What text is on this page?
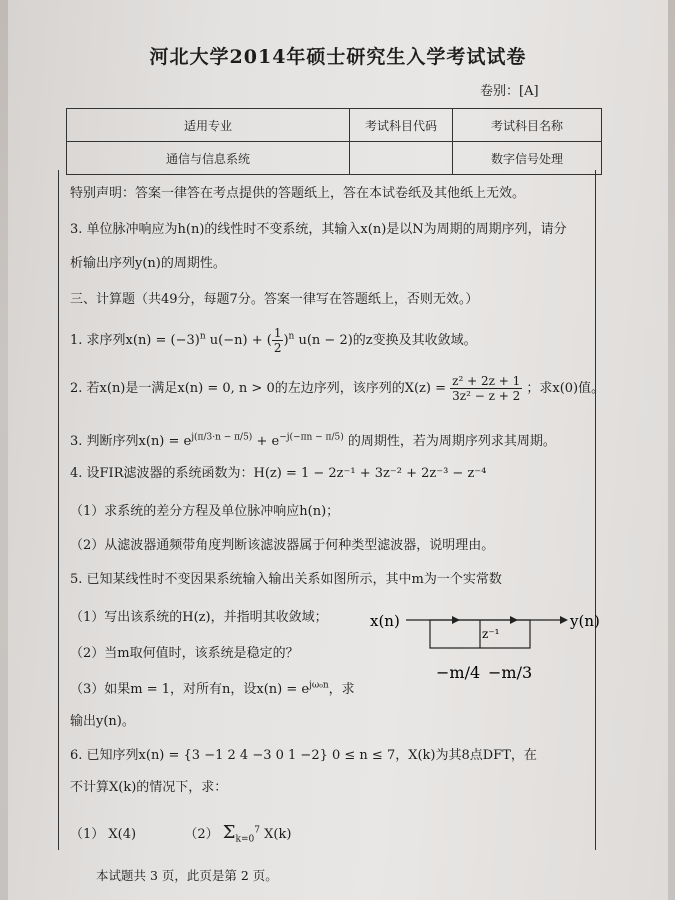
河北大学2014年硕士研究生入学考试试卷
卷别：[A]
适用专业	考试科目代码	考试科目名称
通信与信息系统		数字信号处理
特别声明：答案一律答在考点提供的答题纸上，答在本试卷纸及其他纸上无效。
3. 单位脉冲响应为h(n)的线性时不变系统，其输入x(n)是以N为周期的周期序列，请分
析输出序列y(n)的周期性。
三、计算题（共49分，每题7分。答案一律写在答题纸上，否则无效。）
1. 求序列$x(n) = (-3)^n$ u(−n) + ( $\frac{1}{2} )^n$ u(n − 2)的z变换及其收敛域。
2. 若x(n)是一满足x(n) = 0, n > 0的左边序列，该序列的$X(z) = \frac{\text{z² + 2z + 1}}{\text{3z² − z + 2}}$ ；求x(0)值。
3. 判断序列$x(n) = e^{j(\pi/3\cdot n - \pi/5)} + e^{-j(-\pi n - \pi/5)}$ 的周期性，若为周期序列求其周期。
4. 设FIR滤波器的系统函数为：H(z) = 1 − 2z⁻¹ + 3z⁻² + 2z⁻³ − z⁻⁴
（1）求系统的差分方程及单位脉冲响应h(n)；
（2）从滤波器通频带角度判断该滤波器属于何种类型滤波器，说明理由。
5. 已知某线性时不变因果系统输入输出关系如图所示，其中m为一个实常数
（1）写出该系统的H(z)，并指明其收敛域；
（2）当m取何值时，该系统是稳定的？
（3）如果m = 1，对所有n，设$x(n) = e^{j\omega_0n}$，求
输出y(n)。
x(n)	y(n)
z⁻¹
−m/4 −m/3
6. 已知序列x(n) = {3 −1 2 4 −3 0 1 −2} 0 ≤ n ≤ 7，X(k)为其8点DFT，在
不计算X(k)的情况下，求：
（1） X(4)	（2） $\Sigma_{k=0}^7$ X(k)
本试题共 3 页，此页是第 2 页。
